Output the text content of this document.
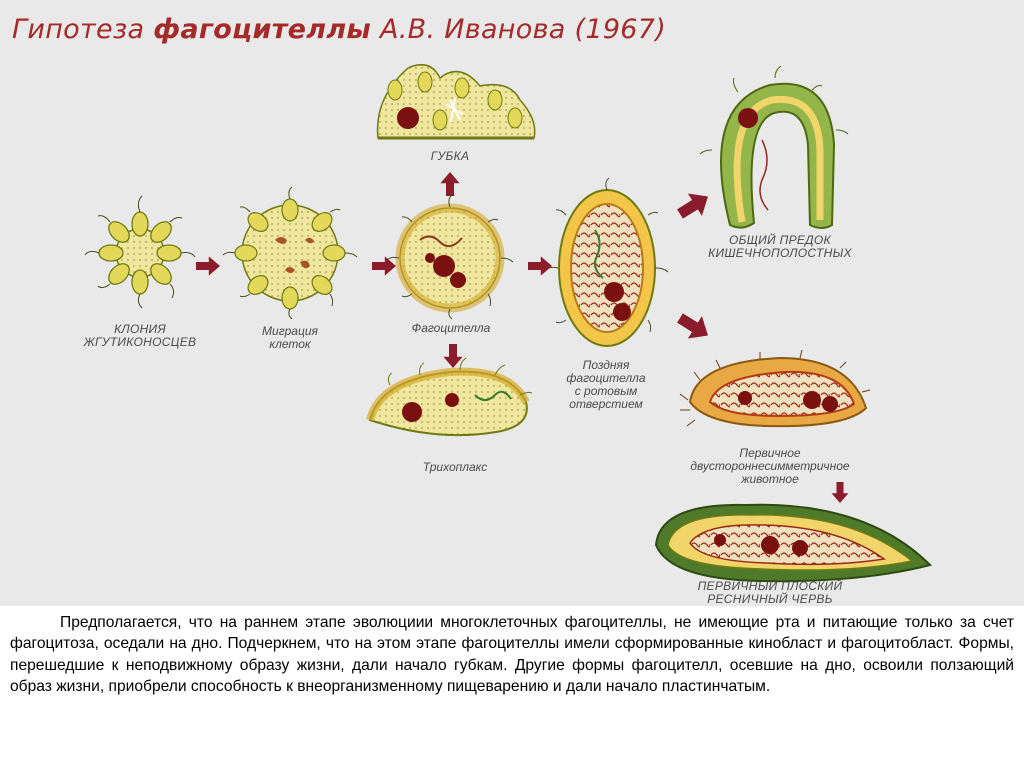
Гипотеза фагоцителлы А.В. Иванова (1967)
КЛОНИЯ
ЖГУТИКОНОСЦЕВ
Миграция
клеток
Фагоцителла
ГУБКА
Трихоплакс
Поздняя
фагоцителла
с ротовым
отверстием
ОБЩИЙ ПРЕДОК
КИШЕЧНОПОЛОСТНЫХ
Первичное
двустороннесимметричное
животное
ПЕРВИЧНЫЙ ПЛОСКИЙ
РЕСНИЧНЫЙ ЧЕРВЬ
Предполагается, что на раннем этапе эволюциии многоклеточных фагоцителлы, не имеющие рта и питающие только за счет фагоцитоза, оседали на дно. Подчеркнем, что на этом этапе фагоцителлы имели сформированные кинобласт и фагоцитобласт. Формы, перешедшие к неподвижному образу жизни, дали начало губкам. Другие формы фагоцителл, осевшие на дно, освоили ползающий образ жизни, приобрели способность к внеорганизменному пищеварению и дали начало пластинчатым.
